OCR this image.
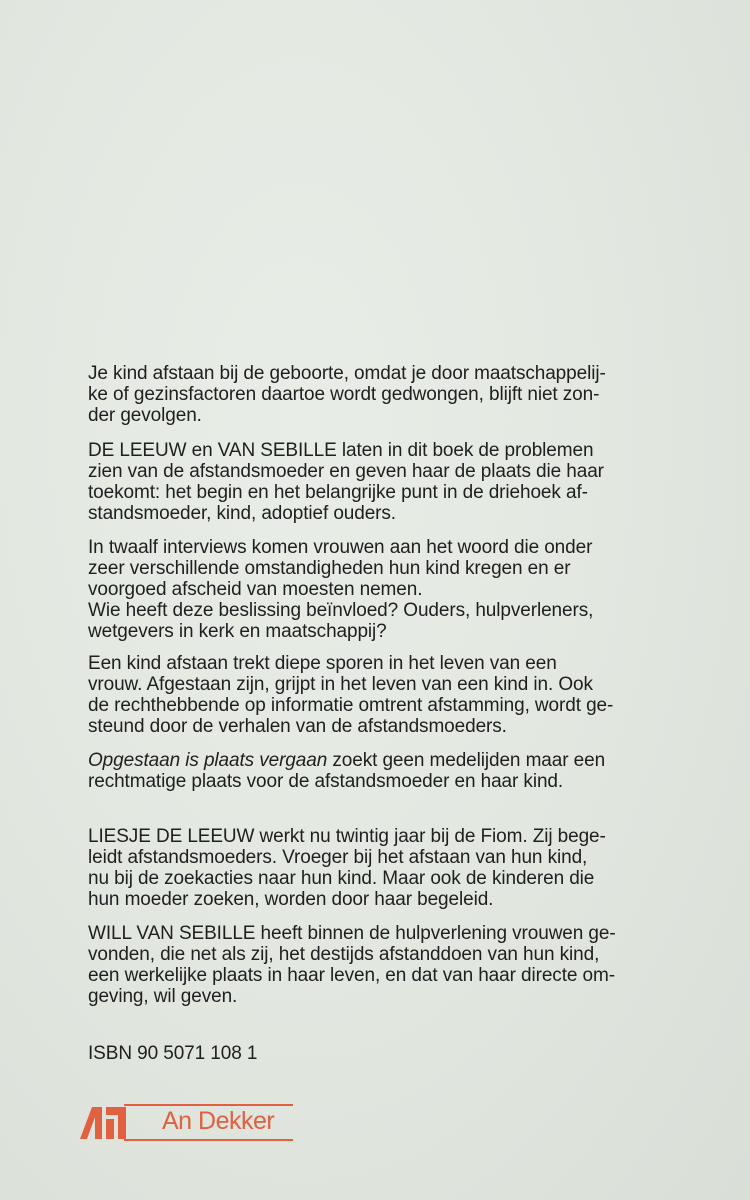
Je kind afstaan bij de geboorte, omdat je door maatschappelij-
ke of gezinsfactoren daartoe wordt gedwongen, blijft niet zon-
der gevolgen.
DE LEEUW en VAN SEBILLE laten in dit boek de problemen
zien van de afstandsmoeder en geven haar de plaats die haar
toekomt: het begin en het belangrijke punt in de driehoek af-
standsmoeder, kind, adoptief ouders.
In twaalf interviews komen vrouwen aan het woord die onder
zeer verschillende omstandigheden hun kind kregen en er
voorgoed afscheid van moesten nemen.
Wie heeft deze beslissing beïnvloed? Ouders, hulpverleners,
wetgevers in kerk en maatschappij?
Een kind afstaan trekt diepe sporen in het leven van een
vrouw. Afgestaan zijn, grijpt in het leven van een kind in. Ook
de rechthebbende op informatie omtrent afstamming, wordt ge-
steund door de verhalen van de afstandsmoeders.
Opgestaan is plaats vergaan zoekt geen medelijden maar een
rechtmatige plaats voor de afstandsmoeder en haar kind.
LIESJE DE LEEUW werkt nu twintig jaar bij de Fiom. Zij bege-
leidt afstandsmoeders. Vroeger bij het afstaan van hun kind,
nu bij de zoekacties naar hun kind. Maar ook de kinderen die
hun moeder zoeken, worden door haar begeleid.
WILL VAN SEBILLE heeft binnen de hulpverlening vrouwen ge-
vonden, die net als zij, het destijds afstanddoen van hun kind,
een werkelijke plaats in haar leven, en dat van haar directe om-
geving, wil geven.
ISBN 90 5071 108 1
An Dekker
